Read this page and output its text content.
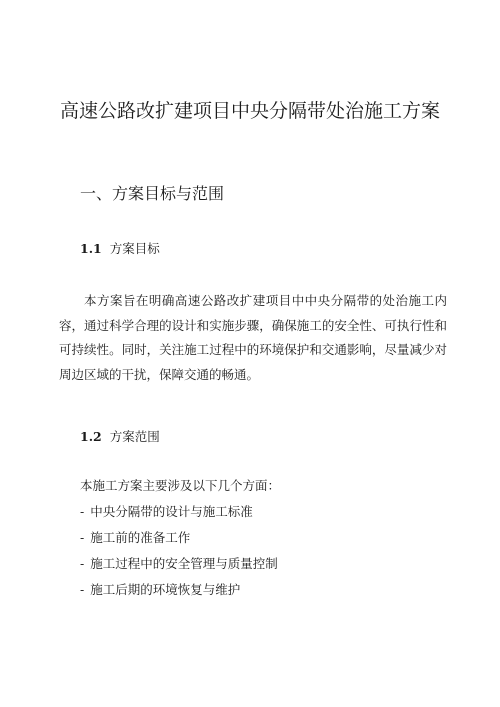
高速公路改扩建项目中央分隔带处治施工方案
一、方案目标与范围
1.1 方案目标

本方案旨在明确高速公路改扩建项目中中央分隔带的处治施工内容，通过科学合理的设计和实施步骤，确保施工的安全性、可执行性和可持续性。同时，关注施工过程中的环境保护和交通影响，尽量减少对周边区域的干扰，保障交通的畅通。

1.2 方案范围

本施工方案主要涉及以下几个方面：

- 中央分隔带的设计与施工标准
- 施工前的准备工作
- 施工过程中的安全管理与质量控制
- 施工后期的环境恢复与维护
